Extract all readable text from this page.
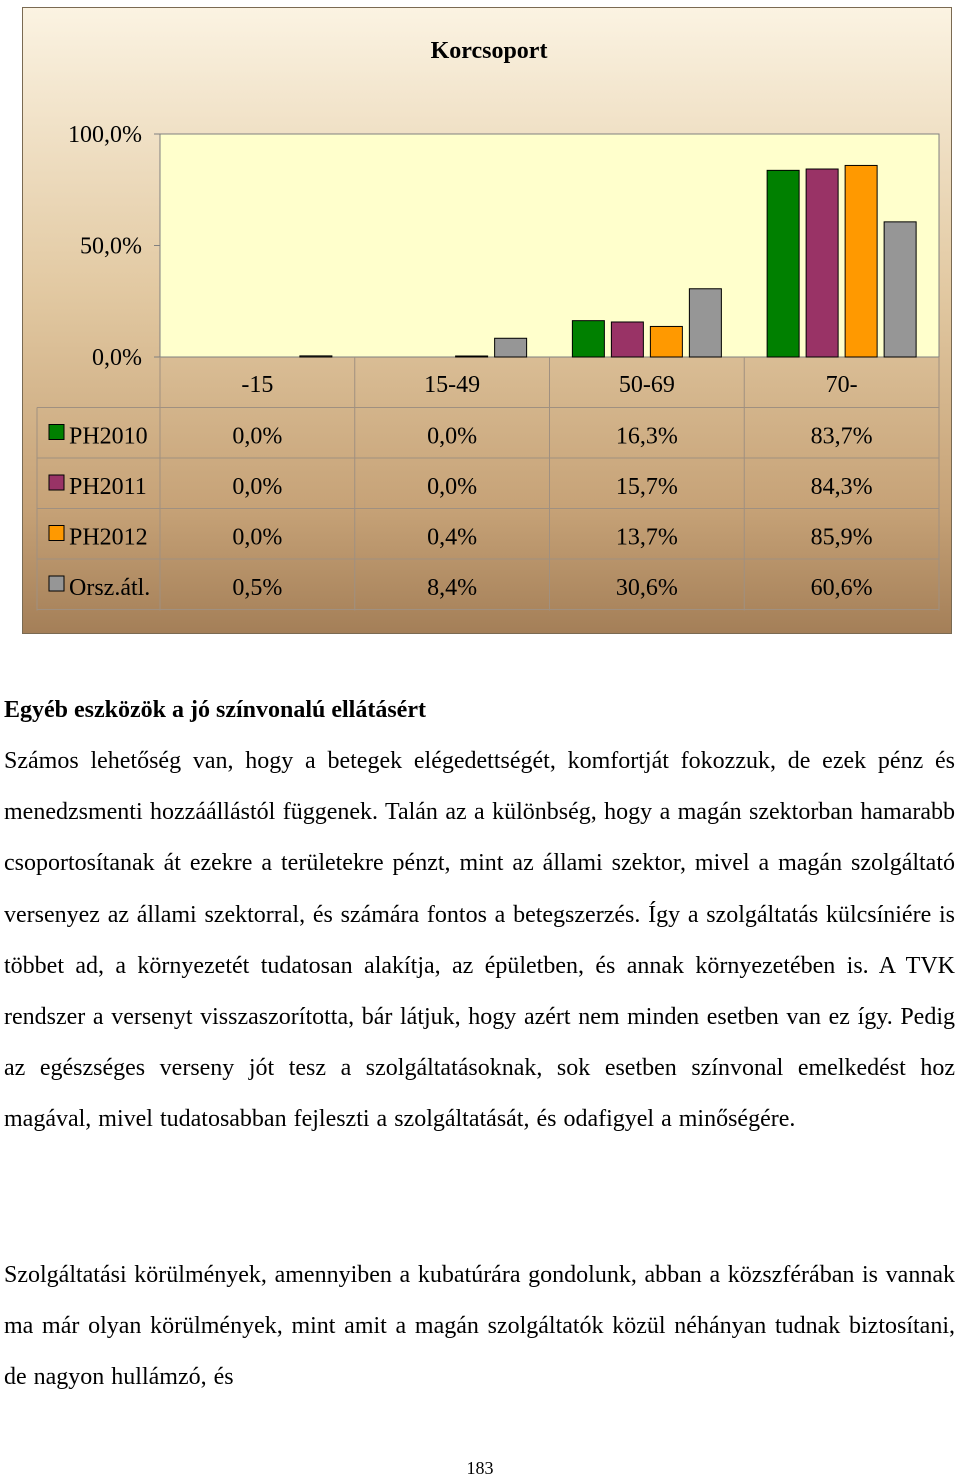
100,0%
50,0%
0,0%
Korcsoport
-15	15-49	50-69	70-
PH2010	0,0%	0,0%	16,3%	83,7%
PH2011	0,0%	0,0%	15,7%	84,3%
PH2012	0,0%	0,4%	13,7%	85,9%
Orsz.átl.	0,5%	8,4%	30,6%	60,6%
Egyéb eszközök a jó színvonalú ellátásért
Számos lehetőség van, hogy a betegek elégedettségét, komfortját fokozzuk, de ezek pénz és menedzsmenti hozzáállástól függenek. Talán az a különbség, hogy a magán szektorban hamarabb csoportosítanak át ezekre a területekre pénzt, mint az állami szektor, mivel a magán szolgáltató versenyez az állami szektorral, és számára fontos a betegszerzés. Így a szolgáltatás külcsíniére is többet ad, a környezetét tudatosan alakítja, az épületben, és annak környezetében is. A TVK rendszer a versenyt visszaszorította, bár látjuk, hogy azért nem minden esetben van ez így. Pedig az egészséges verseny jót tesz a szolgáltatásoknak, sok esetben színvonal emelkedést hoz magával, mivel tudatosabban fejleszti a szolgáltatását, és odafigyel a minőségére.
Szolgáltatási körülmények, amennyiben a kubatúrára gondolunk, abban a közszférában is vannak ma már olyan körülmények, mint amit a magán szolgáltatók közül néhányan tudnak biztosítani, de nagyon hullámzó, és
183
